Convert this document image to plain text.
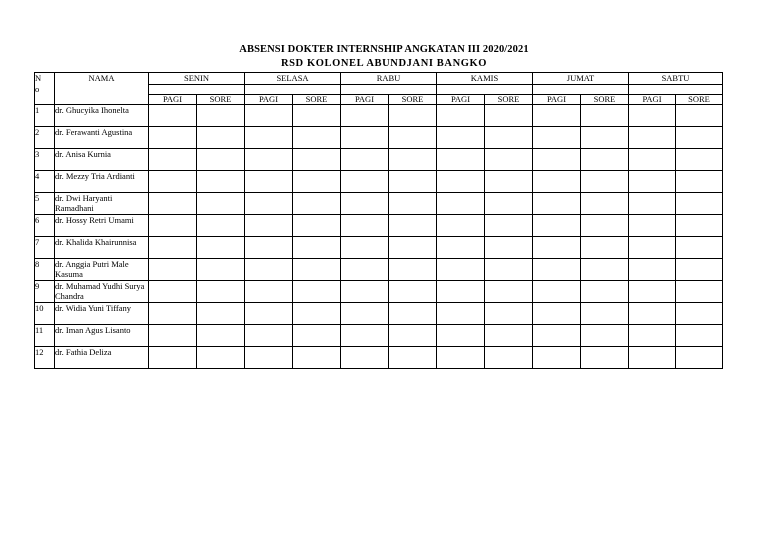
ABSENSI DOKTER INTERNSHIP ANGKATAN III 2020/2021
RSD KOLONEL ABUNDJANI BANGKO
N
o	NAMA	SENIN		SELASA		RABU		KAMIS		JUMAT		SABTU	

		PAGI	SORE	PAGI	SORE	PAGI	SORE	PAGI	SORE	PAGI	SORE	PAGI	SORE
1	dr. Ghucyika Ihonelta												
2	dr. Ferawanti Agustina												
3	dr. Anisa Kurnia												
4	dr. Mezzy Tria Ardianti												
5	dr. Dwi Haryanti Ramadhani												
6	dr. Hossy Retri Umami												
7	dr. Khalida Khairunnisa												
8	dr. Anggia Putri Male Kasuma												
9	dr. Muhamad Yudhi Surya Chandra												
10	dr. Widia Yuni Tiffany												
11	dr. Iman Agus Lisanto												
12	dr. Fathia Deliza												
